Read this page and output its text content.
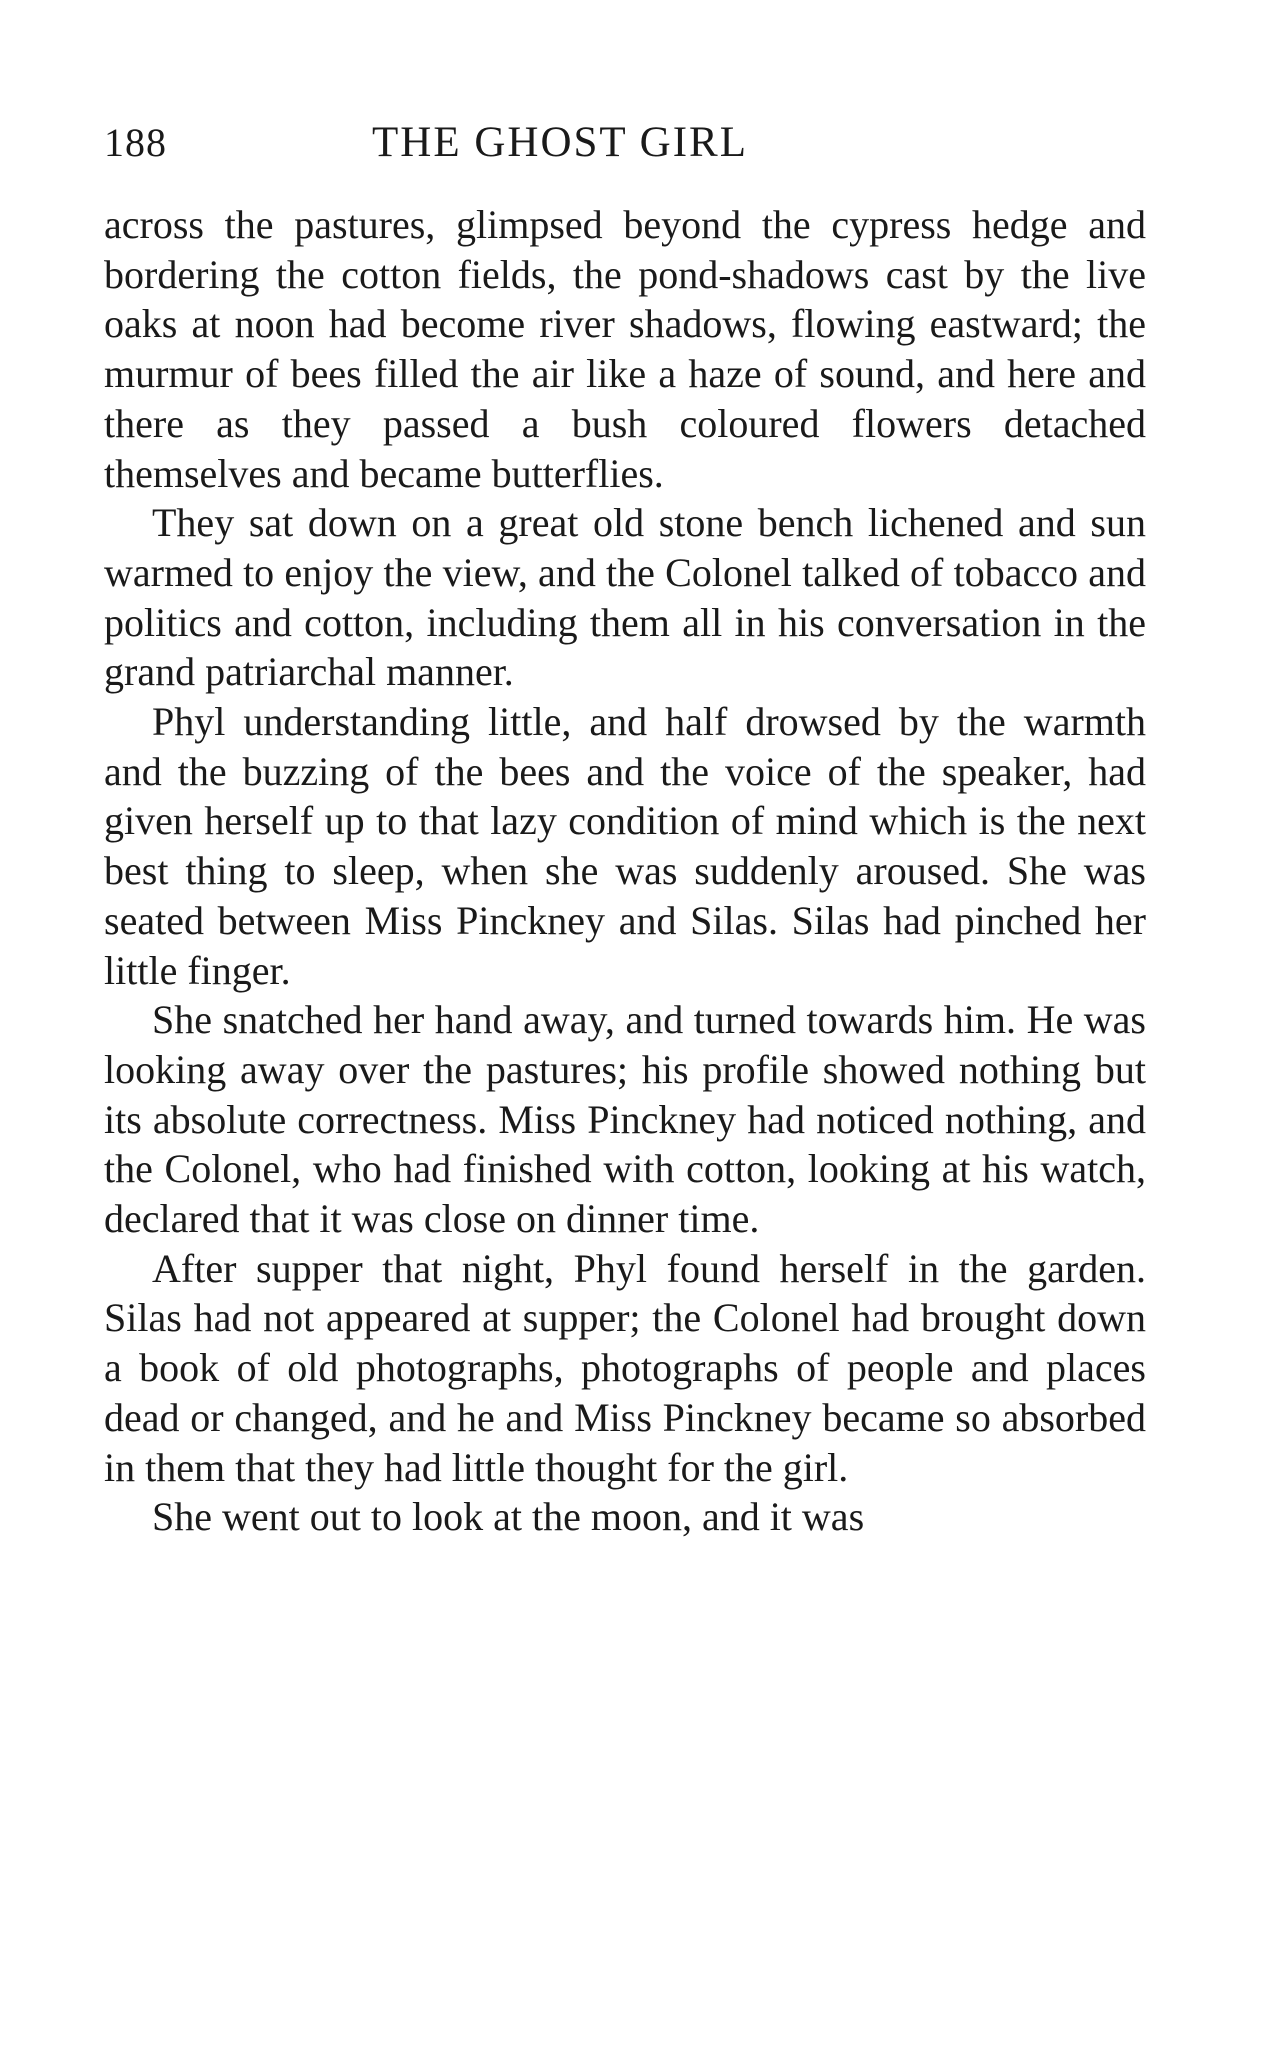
188	THE GHOST GIRL

across the pastures, glimpsed beyond the cypress hedge and bordering the cotton fields, the pond-shadows cast by the live oaks at noon had become river shadows, flowing eastward; the murmur of bees filled the air like a haze of sound, and here and there as they passed a bush coloured flowers detached themselves and became butterflies.

They sat down on a great old stone bench lichened and sun warmed to enjoy the view, and the Colonel talked of tobacco and politics and cotton, including them all in his conversation in the grand patriarchal manner.

Phyl understanding little, and half drowsed by the warmth and the buzzing of the bees and the voice of the speaker, had given herself up to that lazy condition of mind which is the next best thing to sleep, when she was suddenly aroused. She was seated between Miss Pinckney and Silas. Silas had pinched her little finger.

She snatched her hand away, and turned towards him. He was looking away over the pastures; his profile showed nothing but its absolute correctness. Miss Pinckney had noticed nothing, and the Colonel, who had finished with cotton, looking at his watch, declared that it was close on dinner time.

After supper that night, Phyl found herself in the garden. Silas had not appeared at supper; the Colonel had brought down a book of old photographs, photographs of people and places dead or changed, and he and Miss Pinckney became so absorbed in them that they had little thought for the girl.

She went out to look at the moon, and it was
